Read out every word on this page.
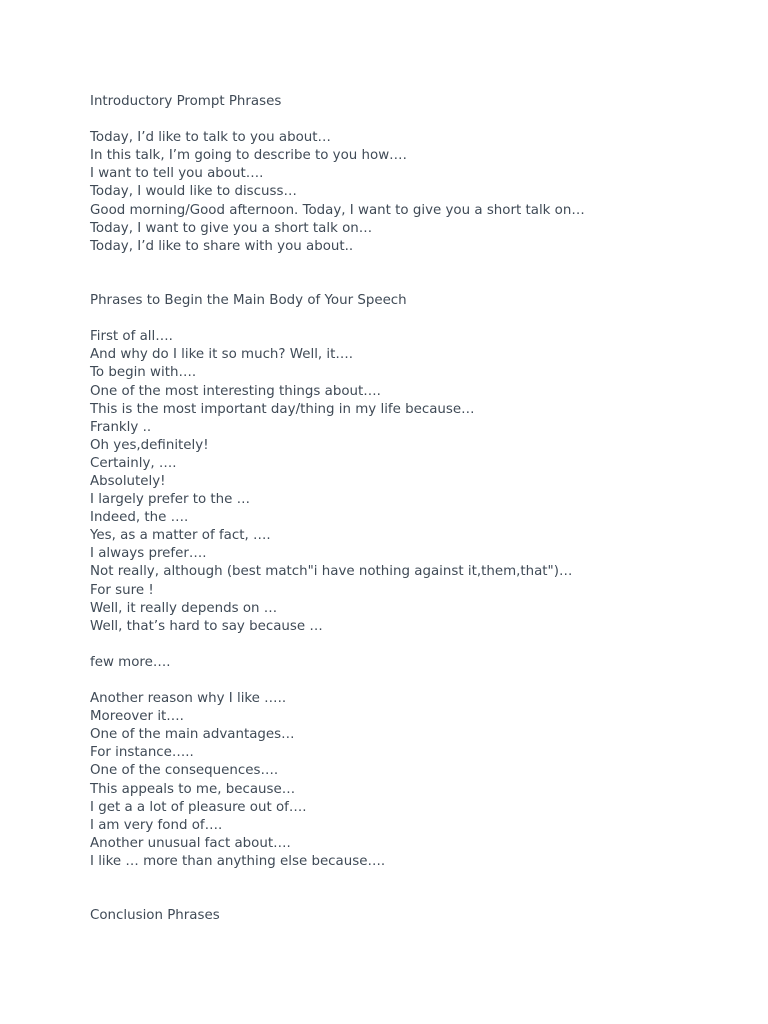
Introductory Prompt Phrases
Today, I’d like to talk to you about…
In this talk, I’m going to describe to you how….
I want to tell you about….
Today, I would like to discuss…
Good morning/Good afternoon. Today, I want to give you a short talk on…
Today, I want to give you a short talk on…
Today, I’d like to share with you about..
Phrases to Begin the Main Body of Your Speech
First of all….
And why do I like it so much? Well, it….
To begin with….
One of the most interesting things about….
This is the most important day/thing in my life because…
Frankly ..
Oh yes,definitely!
Certainly, ….
Absolutely!
I largely prefer to the …
Indeed, the ….
Yes, as a matter of fact, ….
I always prefer….
Not really, although (best match"i have nothing against it,them,that")…
For sure !
Well, it really depends on …
Well, that’s hard to say because …
few more….
Another reason why I like …..
Moreover it….
One of the main advantages…
For instance…..
One of the consequences….
This appeals to me, because…
I get a a lot of pleasure out of….
I am very fond of….
Another unusual fact about….
I like … more than anything else because….
Conclusion Phrases
